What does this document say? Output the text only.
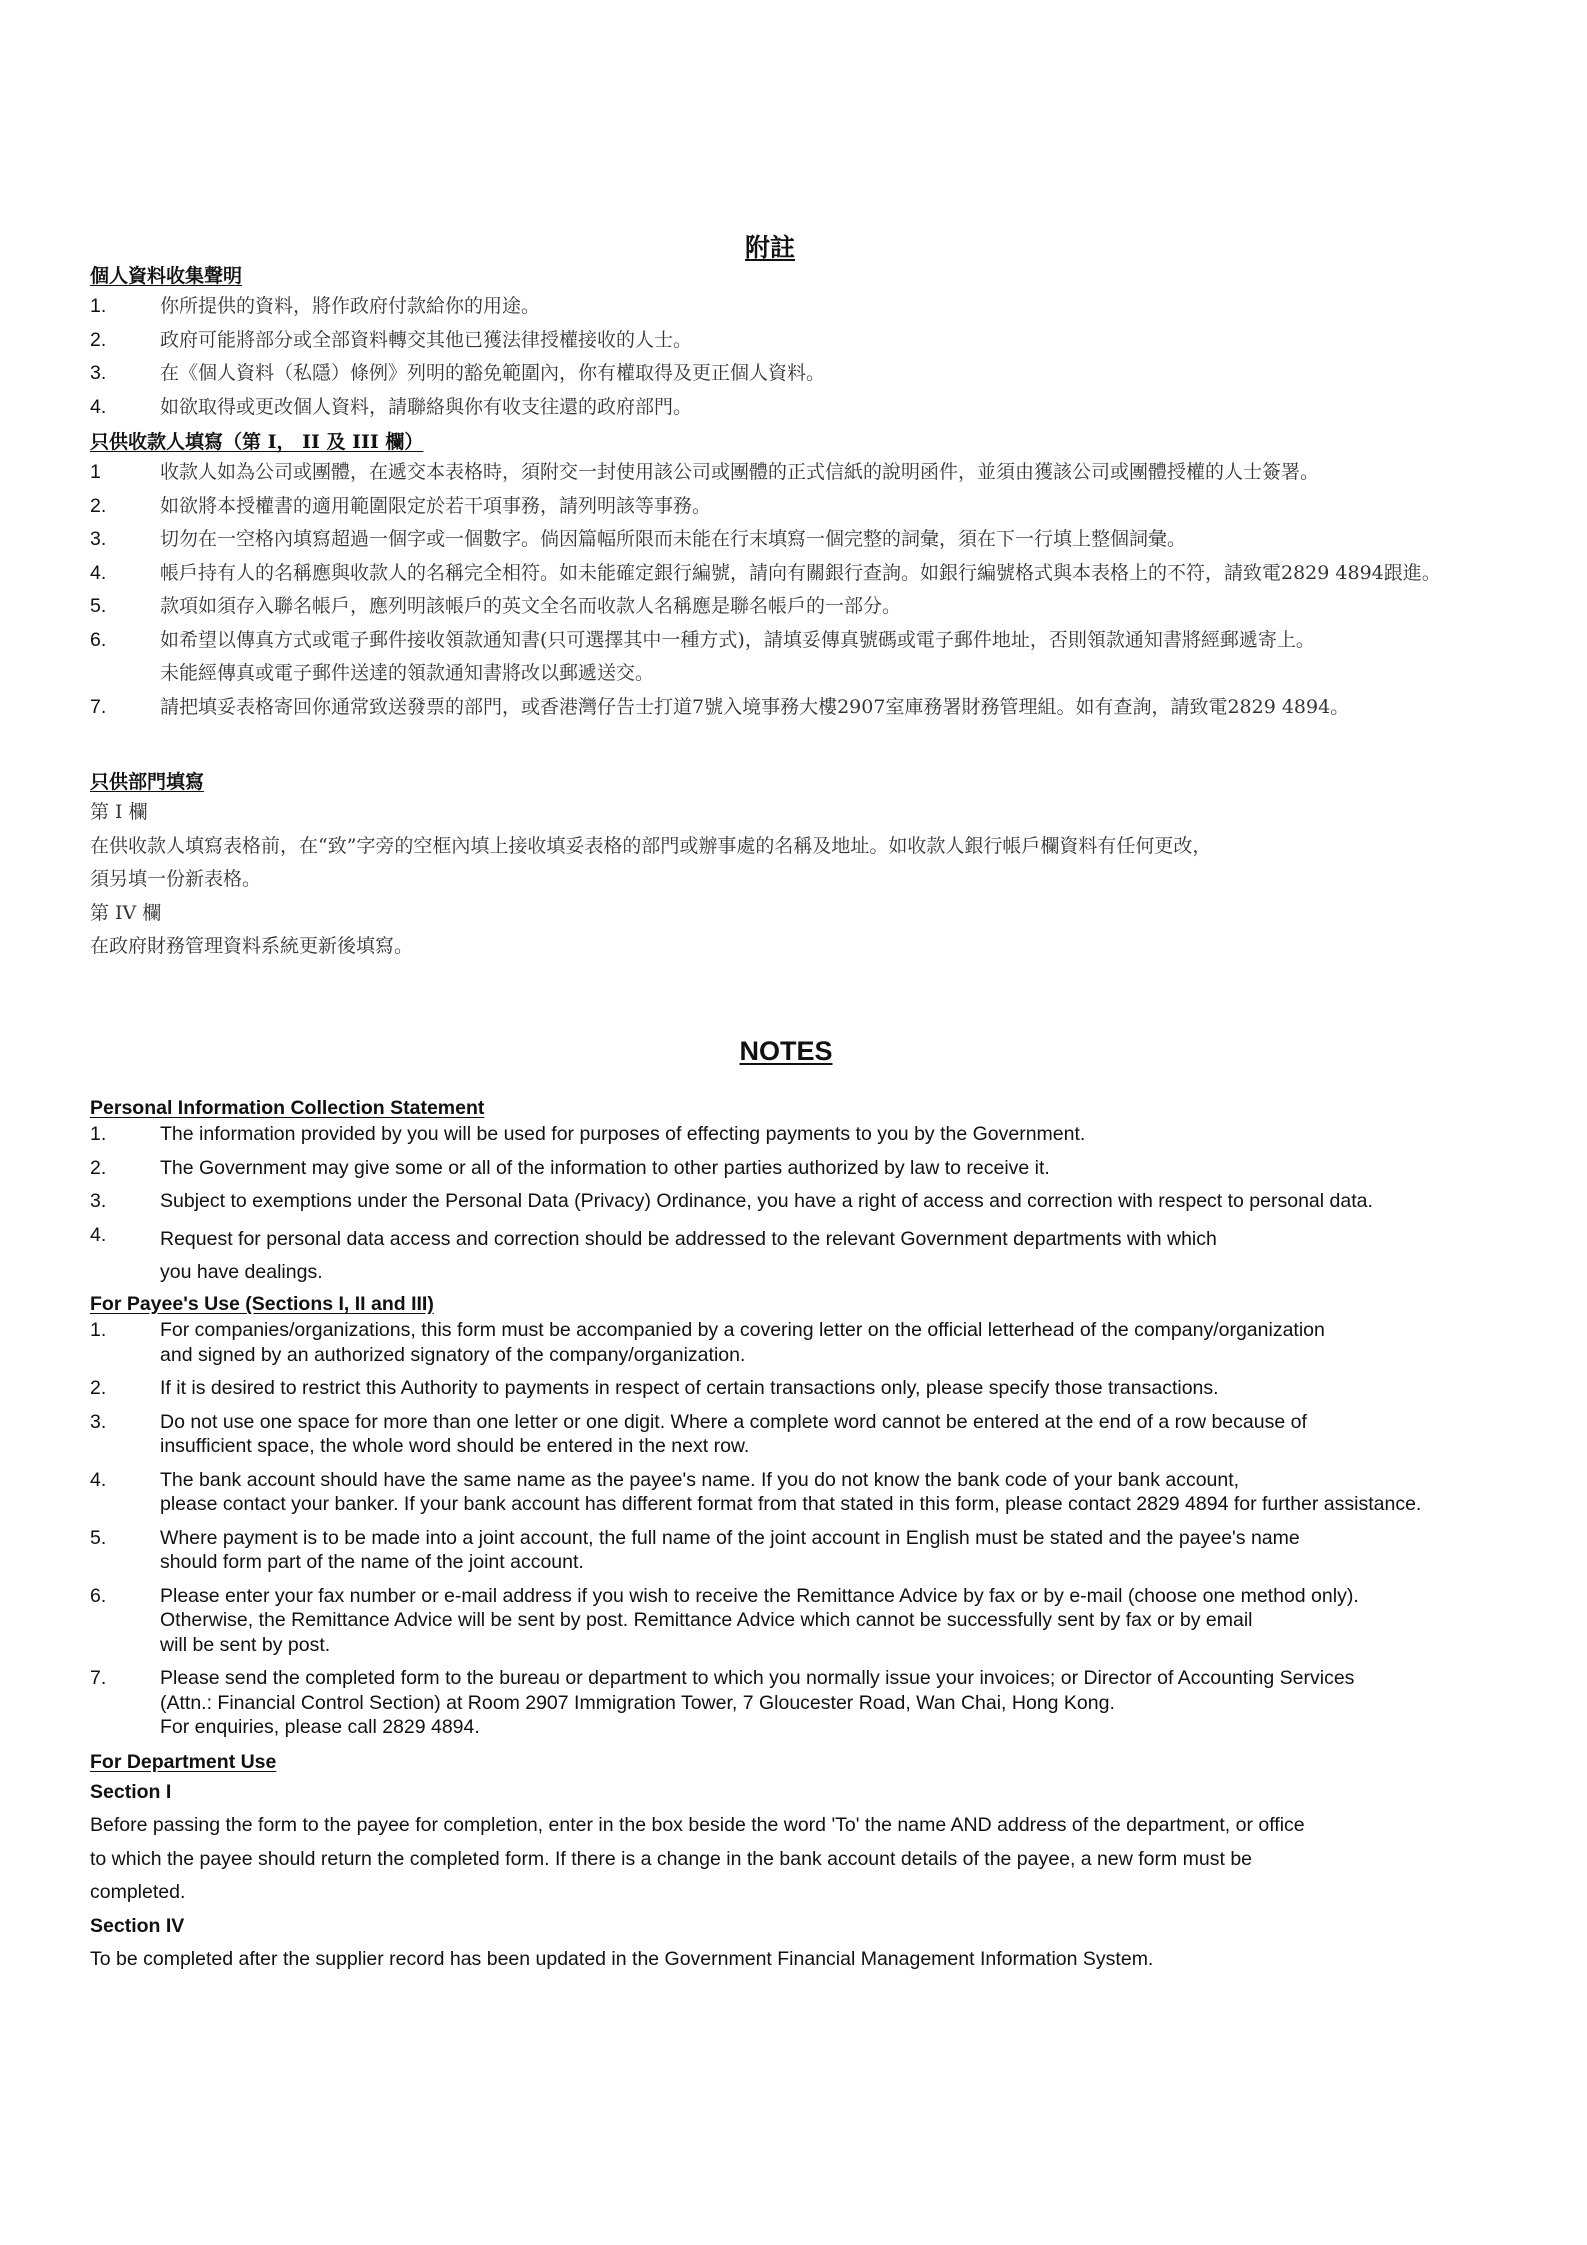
附註
個人資料收集聲明
1.	你所提供的資料，將作政府付款給你的用途。
2.	政府可能將部分或全部資料轉交其他已獲法律授權接收的人士。
3.	在《個人資料（私隱）條例》列明的豁免範圍內，你有權取得及更正個人資料。
4.	如欲取得或更改個人資料，請聯絡與你有收支往還的政府部門。
只供收款人填寫（第 I， II 及 III 欄）
1	收款人如為公司或團體，在遞交本表格時，須附交一封使用該公司或團體的正式信紙的說明函件，並須由獲該公司或團體授權的人士簽署。
2.	如欲將本授權書的適用範圍限定於若干項事務，請列明該等事務。
3.	切勿在一空格內填寫超過一個字或一個數字。倘因篇幅所限而未能在行末填寫一個完整的詞彙，須在下一行填上整個詞彙。
4.	帳戶持有人的名稱應與收款人的名稱完全相符。如未能確定銀行編號，請向有關銀行查詢。如銀行編號格式與本表格上的不符，請致電2829 4894跟進。
5.	款項如須存入聯名帳戶，應列明該帳戶的英文全名而收款人名稱應是聯名帳戶的一部分。
6.	如希望以傳真方式或電子郵件接收領款通知書(只可選擇其中一種方式)，請填妥傳真號碼或電子郵件地址，否則領款通知書將經郵遞寄上。
未能經傳真或電子郵件送達的領款通知書將改以郵遞送交。
7.	請把填妥表格寄回你通常致送發票的部門，或香港灣仔告士打道7號入境事務大樓2907室庫務署財務管理組。如有查詢，請致電2829 4894。
只供部門填寫
第 I 欄
在供收款人填寫表格前，在“致”字旁的空框內填上接收填妥表格的部門或辦事處的名稱及地址。如收款人銀行帳戶欄資料有任何更改，
須另填一份新表格。
第 IV 欄
在政府財務管理資料系統更新後填寫。
NOTES
Personal Information Collection Statement
1.	The information provided by you will be used for purposes of effecting payments to you by the Government.
2.	The Government may give some or all of the information to other parties authorized by law to receive it.
3.	Subject to exemptions under the Personal Data (Privacy) Ordinance, you have a right of access and correction with respect to personal data.
4.	Request for personal data access and correction should be addressed to the relevant Government departments with which
you have dealings.
For Payee's Use (Sections I, II and III)
1.	For companies/organizations, this form must be accompanied by a covering letter on the official letterhead of the company/organization
and signed by an authorized signatory of the company/organization.
2.	If it is desired to restrict this Authority to payments in respect of certain transactions only, please specify those transactions.
3.	Do not use one space for more than one letter or one digit. Where a complete word cannot be entered at the end of a row because of
insufficient space, the whole word should be entered in the next row.
4.	The bank account should have the same name as the payee's name. If you do not know the bank code of your bank account,
please contact your banker. If your bank account has different format from that stated in this form, please contact 2829 4894 for further assistance.
5.	Where payment is to be made into a joint account, the full name of the joint account in English must be stated and the payee's name
should form part of the name of the joint account.
6.	Please enter your fax number or e-mail address if you wish to receive the Remittance Advice by fax or by e-mail (choose one method only).
Otherwise, the Remittance Advice will be sent by post. Remittance Advice which cannot be successfully sent by fax or by email
will be sent by post.
7.	Please send the completed form to the bureau or department to which you normally issue your invoices; or Director of Accounting Services
(Attn.: Financial Control Section) at Room 2907 Immigration Tower, 7 Gloucester Road, Wan Chai, Hong Kong.
For enquiries, please call 2829 4894.
For Department Use
Section I
Before passing the form to the payee for completion, enter in the box beside the word 'To' the name AND address of the department, or office
to which the payee should return the completed form. If there is a change in the bank account details of the payee, a new form must be
completed.
Section IV
To be completed after the supplier record has been updated in the Government Financial Management Information System.
